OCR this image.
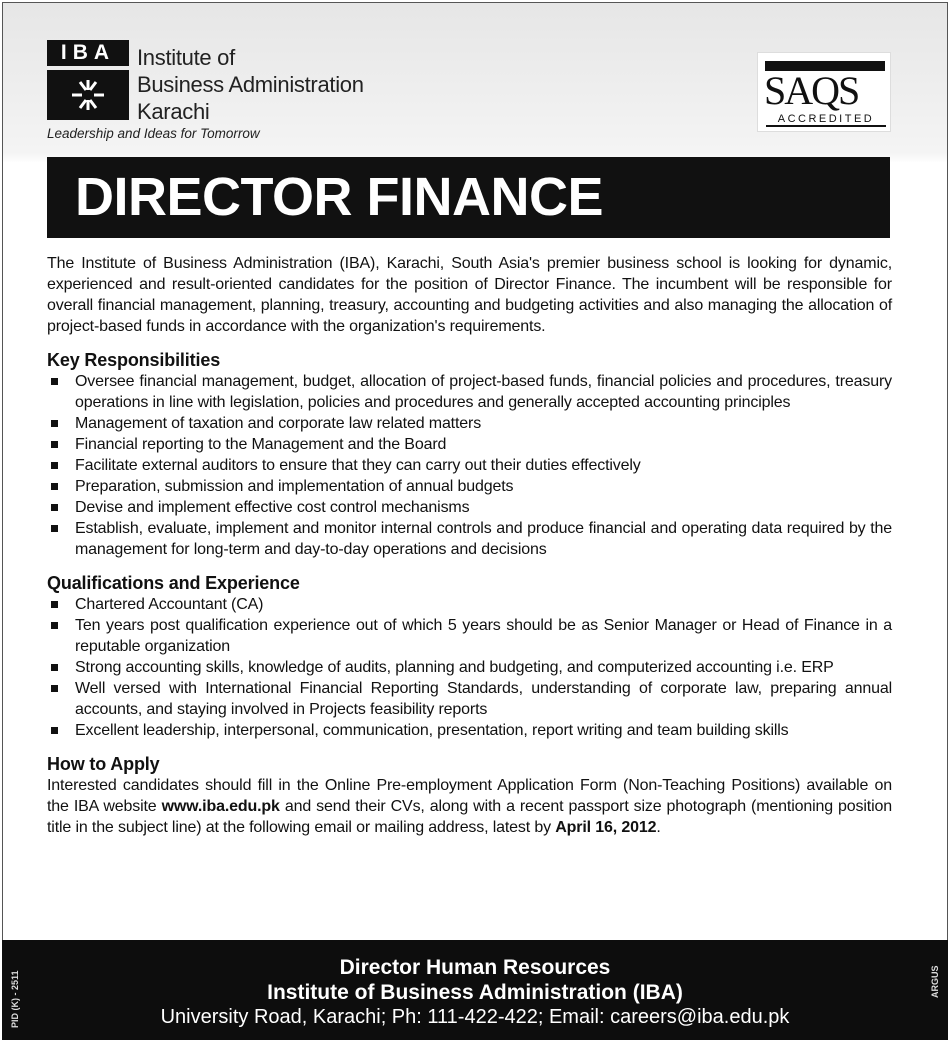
IBA Institute of
Business Administration
Karachi
Leadership and Ideas for Tomorrow
SAQS
ACCREDITED
DIRECTOR FINANCE

The Institute of Business Administration (IBA), Karachi, South Asia's premier business school is looking for dynamic, experienced and result-oriented candidates for the position of Director Finance. The incumbent will be responsible for overall financial management, planning, treasury, accounting and budgeting activities and also managing the allocation of project-based funds in accordance with the organization's requirements.

Key Responsibilities
Oversee financial management, budget, allocation of project-based funds, financial policies and procedures, treasury operations in line with legislation, policies and procedures and generally accepted accounting principles
Management of taxation and corporate law related matters
Financial reporting to the Management and the Board
Facilitate external auditors to ensure that they can carry out their duties effectively
Preparation, submission and implementation of annual budgets
Devise and implement effective cost control mechanisms
Establish, evaluate, implement and monitor internal controls and produce financial and operating data required by the management for long-term and day-to-day operations and decisions
Qualifications and Experience
Chartered Accountant (CA)
Ten years post qualification experience out of which 5 years should be as Senior Manager or Head of Finance in a reputable organization
Strong accounting skills, knowledge of audits, planning and budgeting, and computerized accounting i.e. ERP
Well versed with International Financial Reporting Standards, understanding of corporate law, preparing annual accounts, and staying involved in Projects feasibility reports
Excellent leadership, interpersonal, communication, presentation, report writing and team building skills
How to Apply

Interested candidates should fill in the Online Pre-employment Application Form (Non-Teaching Positions) available on the IBA website www.iba.edu.pk and send their CVs, along with a recent passport size photograph (mentioning position title in the subject line) at the following email or mailing address, latest by April 16, 2012.

Director Human Resources
Institute of Business Administration (IBA)
University Road, Karachi; Ph: 111-422-422; Email: careers@iba.edu.pk
PID (K) - 2511	ARGUS
